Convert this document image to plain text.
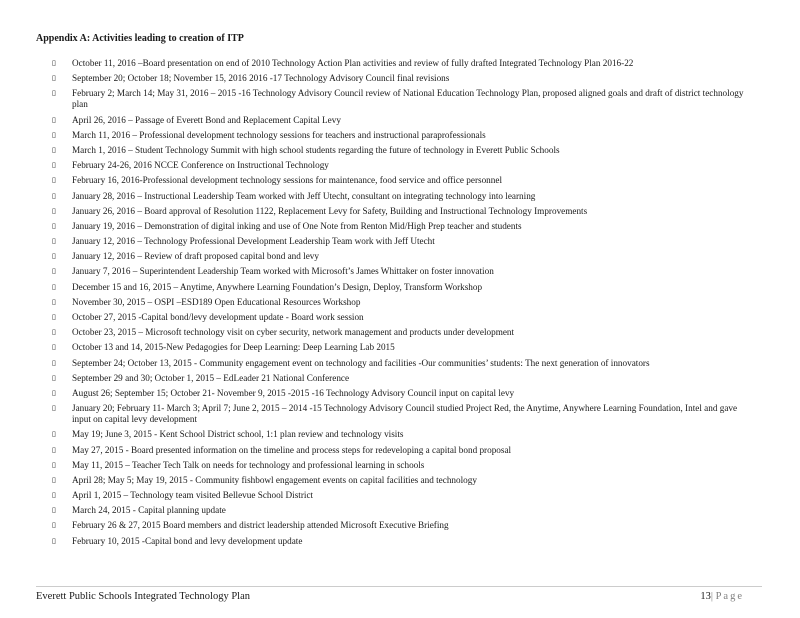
Appendix A: Activities leading to creation of ITP

▯	October 11, 2016 –Board presentation on end of 2010 Technology Action Plan activities and review of fully drafted Integrated Technology Plan 2016-22
▯	September 20; October 18; November 15, 2016 2016 -17 Technology Advisory Council final revisions
▯	February 2; March 14; May 31, 2016 – 2015 -16 Technology Advisory Council review of National Education Technology Plan, proposed aligned goals and draft of district technology plan
▯	April 26, 2016 – Passage of Everett Bond and Replacement Capital Levy
▯	March 11, 2016 – Professional development technology sessions for teachers and instructional paraprofessionals
▯	March 1, 2016 – Student Technology Summit with high school students regarding the future of technology in Everett Public Schools
▯	February 24-26, 2016 NCCE Conference on Instructional Technology
▯	February 16, 2016-Professional development technology sessions for maintenance, food service and office personnel
▯	January 28, 2016 – Instructional Leadership Team worked with Jeff Utecht, consultant on integrating technology into learning
▯	January 26, 2016 – Board approval of Resolution 1122, Replacement Levy for Safety, Building and Instructional Technology Improvements
▯	January 19, 2016 – Demonstration of digital inking and use of One Note from Renton Mid/High Prep teacher and students
▯	January 12, 2016 – Technology Professional Development Leadership Team work with Jeff Utecht
▯	January 12, 2016 – Review of draft proposed capital bond and levy
▯	January 7, 2016 – Superintendent Leadership Team worked with Microsoft’s James Whittaker on foster innovation
▯	December 15 and 16, 2015 – Anytime, Anywhere Learning Foundation’s Design, Deploy, Transform Workshop
▯	November 30, 2015 – OSPI –ESD189 Open Educational Resources Workshop
▯	October 27, 2015 -Capital bond/levy development update - Board work session
▯	October 23, 2015 – Microsoft technology visit on cyber security, network management and products under development
▯	October 13 and 14, 2015-New Pedagogies for Deep Learning: Deep Learning Lab 2015
▯	September 24; October 13, 2015 - Community engagement event on technology and facilities -Our communities’ students: The next generation of innovators
▯	September 29 and 30; October 1, 2015 – EdLeader 21 National Conference
▯	August 26; September 15; October 21- November 9, 2015 -2015 -16 Technology Advisory Council input on capital levy
▯	January 20; February 11- March 3; April 7; June 2, 2015 – 2014 -15 Technology Advisory Council studied Project Red, the Anytime, Anywhere Learning Foundation, Intel and gave input on capital levy development
▯	May 19; June 3, 2015 - Kent School District school, 1:1 plan review and technology visits
▯	May 27, 2015 - Board presented information on the timeline and process steps for redeveloping a capital bond proposal
▯	May 11, 2015 – Teacher Tech Talk on needs for technology and professional learning in schools
▯	April 28; May 5; May 19, 2015 - Community fishbowl engagement events on capital facilities and technology
▯	April 1, 2015 – Technology team visited Bellevue School District
▯	March 24, 2015 - Capital planning update
▯	February 26 & 27, 2015 Board members and district leadership attended Microsoft Executive Briefing
▯	February 10, 2015 -Capital bond and levy development update
Everett Public Schools Integrated Technology Plan	13| Page
